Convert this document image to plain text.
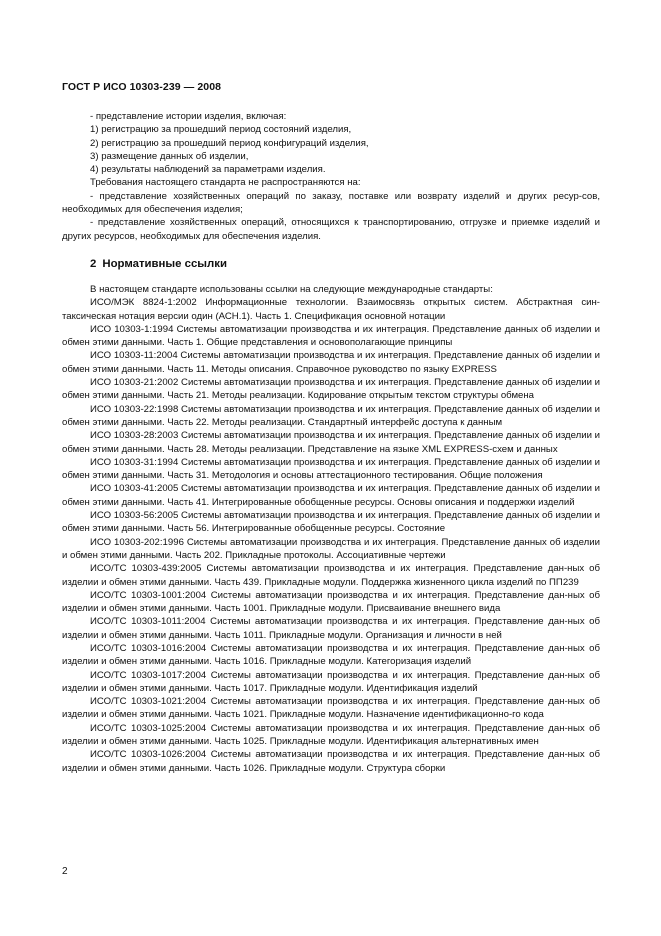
ГОСТ Р ИСО 10303-239 — 2008

- представление истории изделия, включая:

1) регистрацию за прошедший период состояний изделия,

2) регистрацию за прошедший период конфигураций изделия,

3) размещение данных об изделии,

4) результаты наблюдений за параметрами изделия.

Требования настоящего стандарта не распространяются на:

- представление хозяйственных операций по заказу, поставке или возврату изделий и других ресур-сов, необходимых для обеспечения изделия;

- представление хозяйственных операций, относящихся к транспортированию, отгрузке и приемке изделий и других ресурсов, необходимых для обеспечения изделия.

2 Нормативные ссылки

В настоящем стандарте использованы ссылки на следующие международные стандарты:

ИСО/МЭК 8824-1:2002 Информационные технологии. Взаимосвязь открытых систем. Абстрактная син-таксическая нотация версии один (АСН.1). Часть 1. Спецификация основной нотации

ИСО 10303-1:1994 Системы автоматизации производства и их интеграция. Представление данных об изделии и обмен этими данными. Часть 1. Общие представления и основополагающие принципы

ИСО 10303-11:2004 Системы автоматизации производства и их интеграция. Представление данных об изделии и обмен этими данными. Часть 11. Методы описания. Справочное руководство по языку EXPRESS

ИСО 10303-21:2002 Системы автоматизации производства и их интеграция. Представление данных об изделии и обмен этими данными. Часть 21. Методы реализации. Кодирование открытым текстом структуры обмена

ИСО 10303-22:1998 Системы автоматизации производства и их интеграция. Представление данных об изделии и обмен этими данными. Часть 22. Методы реализации. Стандартный интерфейс доступа к данным

ИСО 10303-28:2003 Системы автоматизации производства и их интеграция. Представление данных об изделии и обмен этими данными. Часть 28. Методы реализации. Представление на языке XML EXPRESS-схем и данных

ИСО 10303-31:1994 Системы автоматизации производства и их интеграция. Представление данных об изделии и обмен этими данными. Часть 31. Методология и основы аттестационного тестирования. Общие положения

ИСО 10303-41:2005 Системы автоматизации производства и их интеграция. Представление данных об изделии и обмен этими данными. Часть 41. Интегрированные обобщенные ресурсы. Основы описания и поддержки изделий

ИСО 10303-56:2005 Системы автоматизации производства и их интеграция. Представление данных об изделии и обмен этими данными. Часть 56. Интегрированные обобщенные ресурсы. Состояние

ИСО 10303-202:1996 Системы автоматизации производства и их интеграция. Представление данных об изделии и обмен этими данными. Часть 202. Прикладные протоколы. Ассоциативные чертежи

ИСО/ТС 10303-439:2005 Системы автоматизации производства и их интеграция. Представление дан-ных об изделии и обмен этими данными. Часть 439. Прикладные модули. Поддержка жизненного цикла изделий по ПП239

ИСО/ТС 10303-1001:2004 Системы автоматизации производства и их интеграция. Представление дан-ных об изделии и обмен этими данными. Часть 1001. Прикладные модули. Присваивание внешнего вида

ИСО/ТС 10303-1011:2004 Системы автоматизации производства и их интеграция. Представление дан-ных об изделии и обмен этими данными. Часть 1011. Прикладные модули. Организация и личности в ней

ИСО/ТС 10303-1016:2004 Системы автоматизации производства и их интеграция. Представление дан-ных об изделии и обмен этими данными. Часть 1016. Прикладные модули. Категоризация изделий

ИСО/ТС 10303-1017:2004 Системы автоматизации производства и их интеграция. Представление дан-ных об изделии и обмен этими данными. Часть 1017. Прикладные модули. Идентификация изделий

ИСО/ТС 10303-1021:2004 Системы автоматизации производства и их интеграция. Представление дан-ных об изделии и обмен этими данными. Часть 1021. Прикладные модули. Назначение идентификационно-го кода

ИСО/ТС 10303-1025:2004 Системы автоматизации производства и их интеграция. Представление дан-ных об изделии и обмен этими данными. Часть 1025. Прикладные модули. Идентификация альтернативных имен

ИСО/ТС 10303-1026:2004 Системы автоматизации производства и их интеграция. Представление дан-ных об изделии и обмен этими данными. Часть 1026. Прикладные модули. Структура сборки

2
